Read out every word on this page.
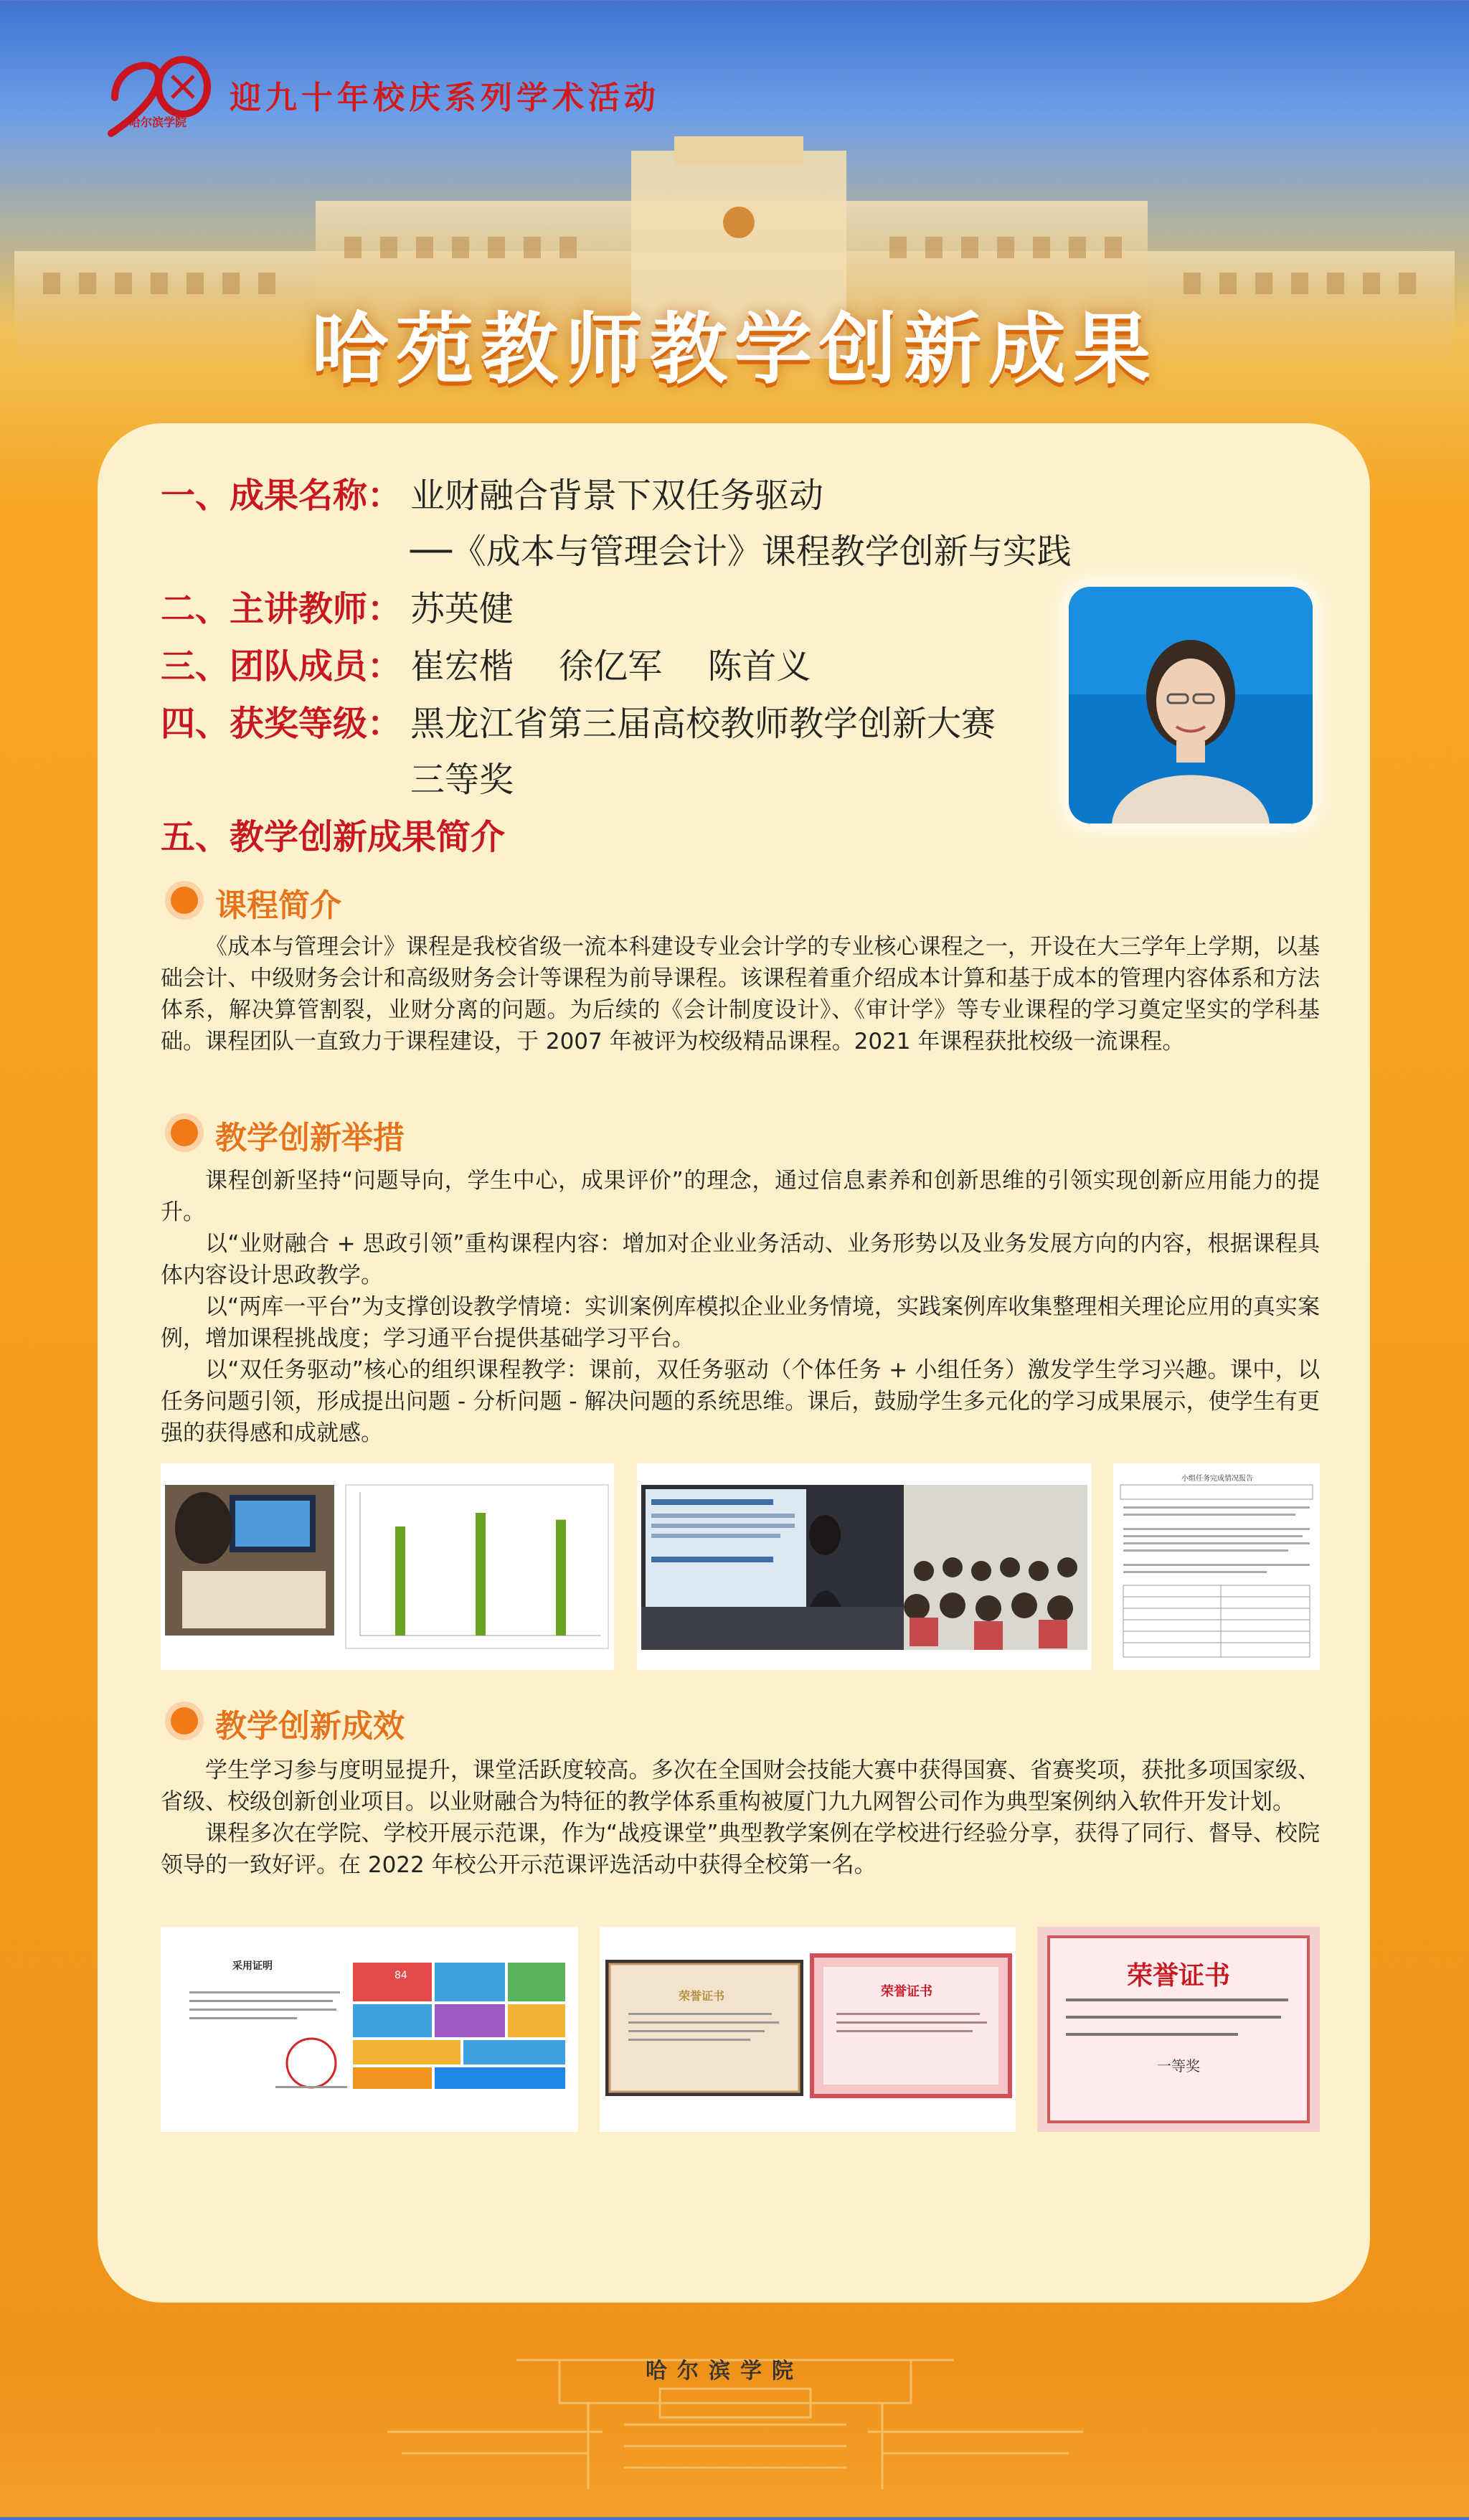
哈尔滨学院
迎九十年校庆系列学术活动
哈苑教师教学创新成果
一、成果名称： 业财融合背景下双任务驱动
──《成本与管理会计》课程教学创新与实践
二、主讲教师： 苏英健
三、团队成员： 崔宏楷　 徐亿军　 陈首义
四、获奖等级： 黑龙江省第三届高校教师教学创新大赛
三等奖
五、教学创新成果简介
课程简介

《成本与管理会计》课程是我校省级一流本科建设专业会计学的专业核心课程之一，开设在大三学年上学期，以基础会计、中级财务会计和高级财务会计等课程为前导课程。该课程着重介绍成本计算和基于成本的管理内容体系和方法体系，解决算管割裂，业财分离的问题。为后续的《会计制度设计》、《审计学》等专业课程的学习奠定坚实的学科基础。课程团队一直致力于课程建设，于 2007 年被评为校级精品课程。2021 年课程获批校级一流课程。

教学创新举措

课程创新坚持“问题导向，学生中心，成果评价”的理念，通过信息素养和创新思维的引领实现创新应用能力的提升。

以“业财融合 + 思政引领”重构课程内容：增加对企业业务活动、业务形势以及业务发展方向的内容，根据课程具体内容设计思政教学。

以“两库一平台”为支撑创设教学情境：实训案例库模拟企业业务情境，实践案例库收集整理相关理论应用的真实案例，增加课程挑战度；学习通平台提供基础学习平台。

以“双任务驱动”核心的组织课程教学：课前，双任务驱动（个体任务 + 小组任务）激发学生学习兴趣。课中，以任务问题引领，形成提出问题 - 分析问题 - 解决问题的系统思维。课后，鼓励学生多元化的学习成果展示，使学生有更强的获得感和成就感。

小组任务完成情况报告
教学创新成效

学生学习参与度明显提升，课堂活跃度较高。多次在全国财会技能大赛中获得国赛、省赛奖项，获批多项国家级、省级、校级创新创业项目。以业财融合为特征的教学体系重构被厦门九九网智公司作为典型案例纳入软件开发计划。

课程多次在学院、学校开展示范课，作为“战疫课堂”典型教学案例在学校进行经验分享，获得了同行、督导、校院领导的一致好评。在 2022 年校公开示范课评选活动中获得全校第一名。

采用证明
84
荣誉证书	荣誉证书
荣誉证书
一等奖
哈尔滨学院
